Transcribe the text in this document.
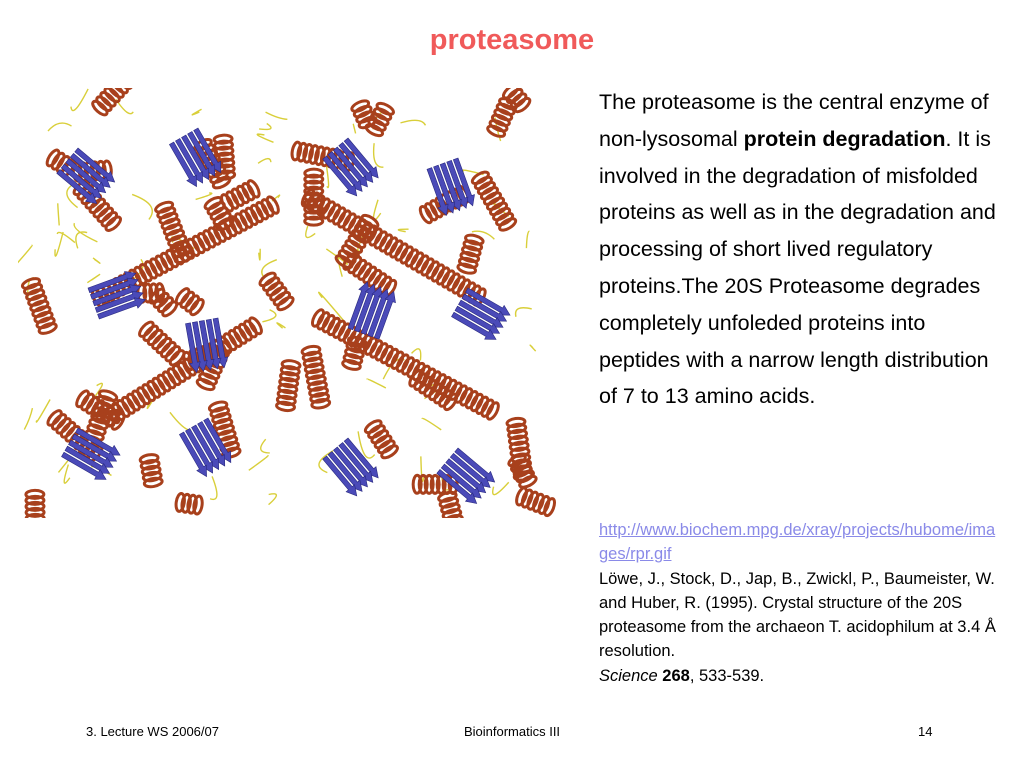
proteasome
The proteasome is the central enzyme of non-lysosomal protein degradation. It is involved in the degradation of misfolded proteins as well as in the degradation and processing of short lived regulatory proteins.The 20S Proteasome degrades completely unfoleded proteins into peptides with a narrow length distribution of 7 to 13 amino acids.
http://www.biochem.mpg.de/xray/projects/hubome/images/rpr.gif
Löwe, J., Stock, D., Jap, B., Zwickl, P., Baumeister, W. and Huber, R. (1995). Crystal structure of the 20S proteasome from the archaeon T. acidophilum at 3.4 Å resolution.
Science 268, 533-539.
3. Lecture WS 2006/07	Bioinformatics III	14
